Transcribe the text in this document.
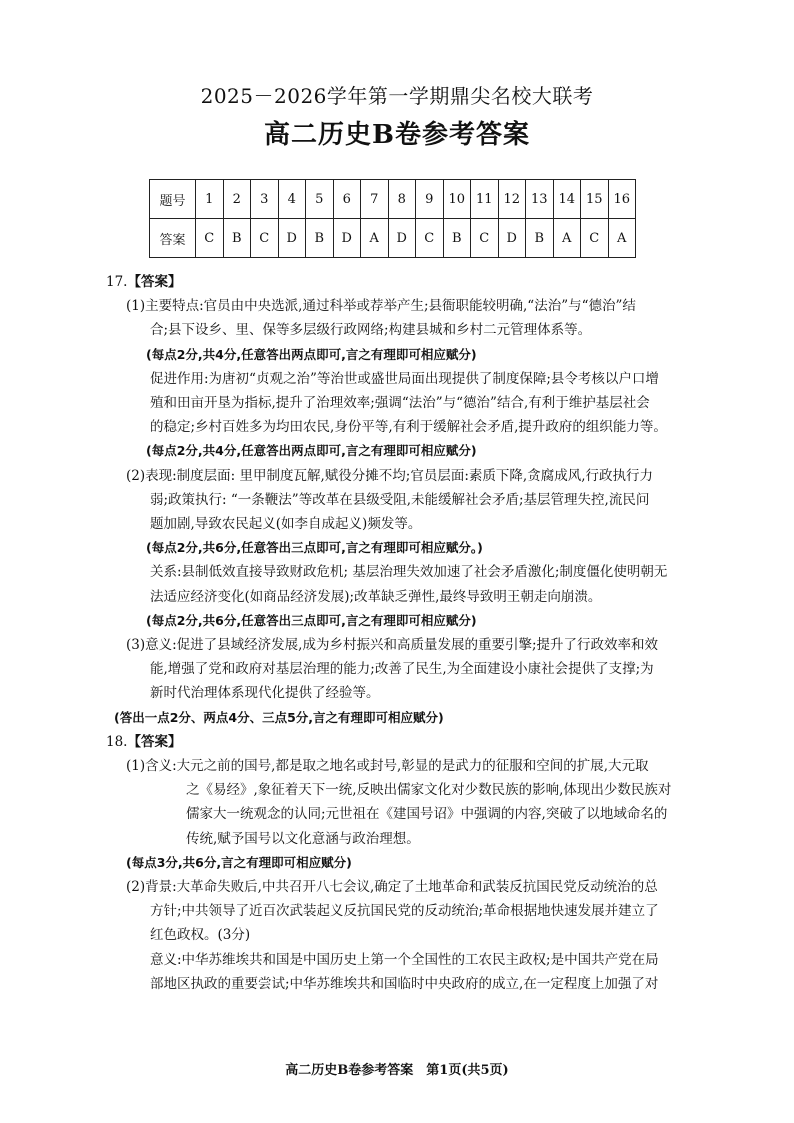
2025－2026学年第一学期鼎尖名校大联考
高二历史B卷参考答案
题号	1	2	3	4	5	6	7	8	9	10	11	12	13	14	15	16
答案	C	B	C	D	B	D	A	D	C	B	C	D	B	A	C	A

17.【答案】

(1)主要特点:官员由中央选派,通过科举或荐举产生;县衙职能较明确,“法治”与“德治”结

合;县下设乡、里、保等多层级行政网络;构建县城和乡村二元管理体系等。

(每点2分,共4分,任意答出两点即可,言之有理即可相应赋分)

促进作用:为唐初“贞观之治”等治世或盛世局面出现提供了制度保障;县令考核以户口增

殖和田亩开垦为指标,提升了治理效率;强调“法治”与“德治”结合,有利于维护基层社会

的稳定;乡村百姓多为均田农民,身份平等,有利于缓解社会矛盾,提升政府的组织能力等。

(每点2分,共4分,任意答出两点即可,言之有理即可相应赋分)

(2)表现:制度层面: 里甲制度瓦解,赋役分摊不均;官员层面:素质下降,贪腐成风,行政执行力

弱;政策执行: “一条鞭法”等改革在县级受阻,未能缓解社会矛盾;基层管理失控,流民问

题加剧,导致农民起义(如李自成起义)频发等。

(每点2分,共6分,任意答出三点即可,言之有理即可相应赋分。)

关系:县制低效直接导致财政危机; 基层治理失效加速了社会矛盾激化;制度僵化使明朝无

法适应经济变化(如商品经济发展);改革缺乏弹性,最终导致明王朝走向崩溃。

(每点2分,共6分,任意答出三点即可,言之有理即可相应赋分)

(3)意义:促进了县域经济发展,成为乡村振兴和高质量发展的重要引擎;提升了行政效率和效

能,增强了党和政府对基层治理的能力;改善了民生,为全面建设小康社会提供了支撑;为

新时代治理体系现代化提供了经验等。

(答出一点2分、两点4分、三点5分,言之有理即可相应赋分)

18.【答案】

(1)含义:大元之前的国号,都是取之地名或封号,彰显的是武力的征服和空间的扩展,大元取

之《易经》,象征着天下一统,反映出儒家文化对少数民族的影响,体现出少数民族对

儒家大一统观念的认同;元世祖在《建国号诏》中强调的内容,突破了以地域命名的

传统,赋予国号以文化意涵与政治理想。

(每点3分,共6分,言之有理即可相应赋分)

(2)背景:大革命失败后,中共召开八七会议,确定了土地革命和武装反抗国民党反动统治的总

方针;中共领导了近百次武装起义反抗国民党的反动统治;革命根据地快速发展并建立了

红色政权。(3分)

意义:中华苏维埃共和国是中国历史上第一个全国性的工农民主政权;是中国共产党在局

部地区执政的重要尝试;中华苏维埃共和国临时中央政府的成立,在一定程度上加强了对

高二历史B卷参考答案　第1页(共5页)
